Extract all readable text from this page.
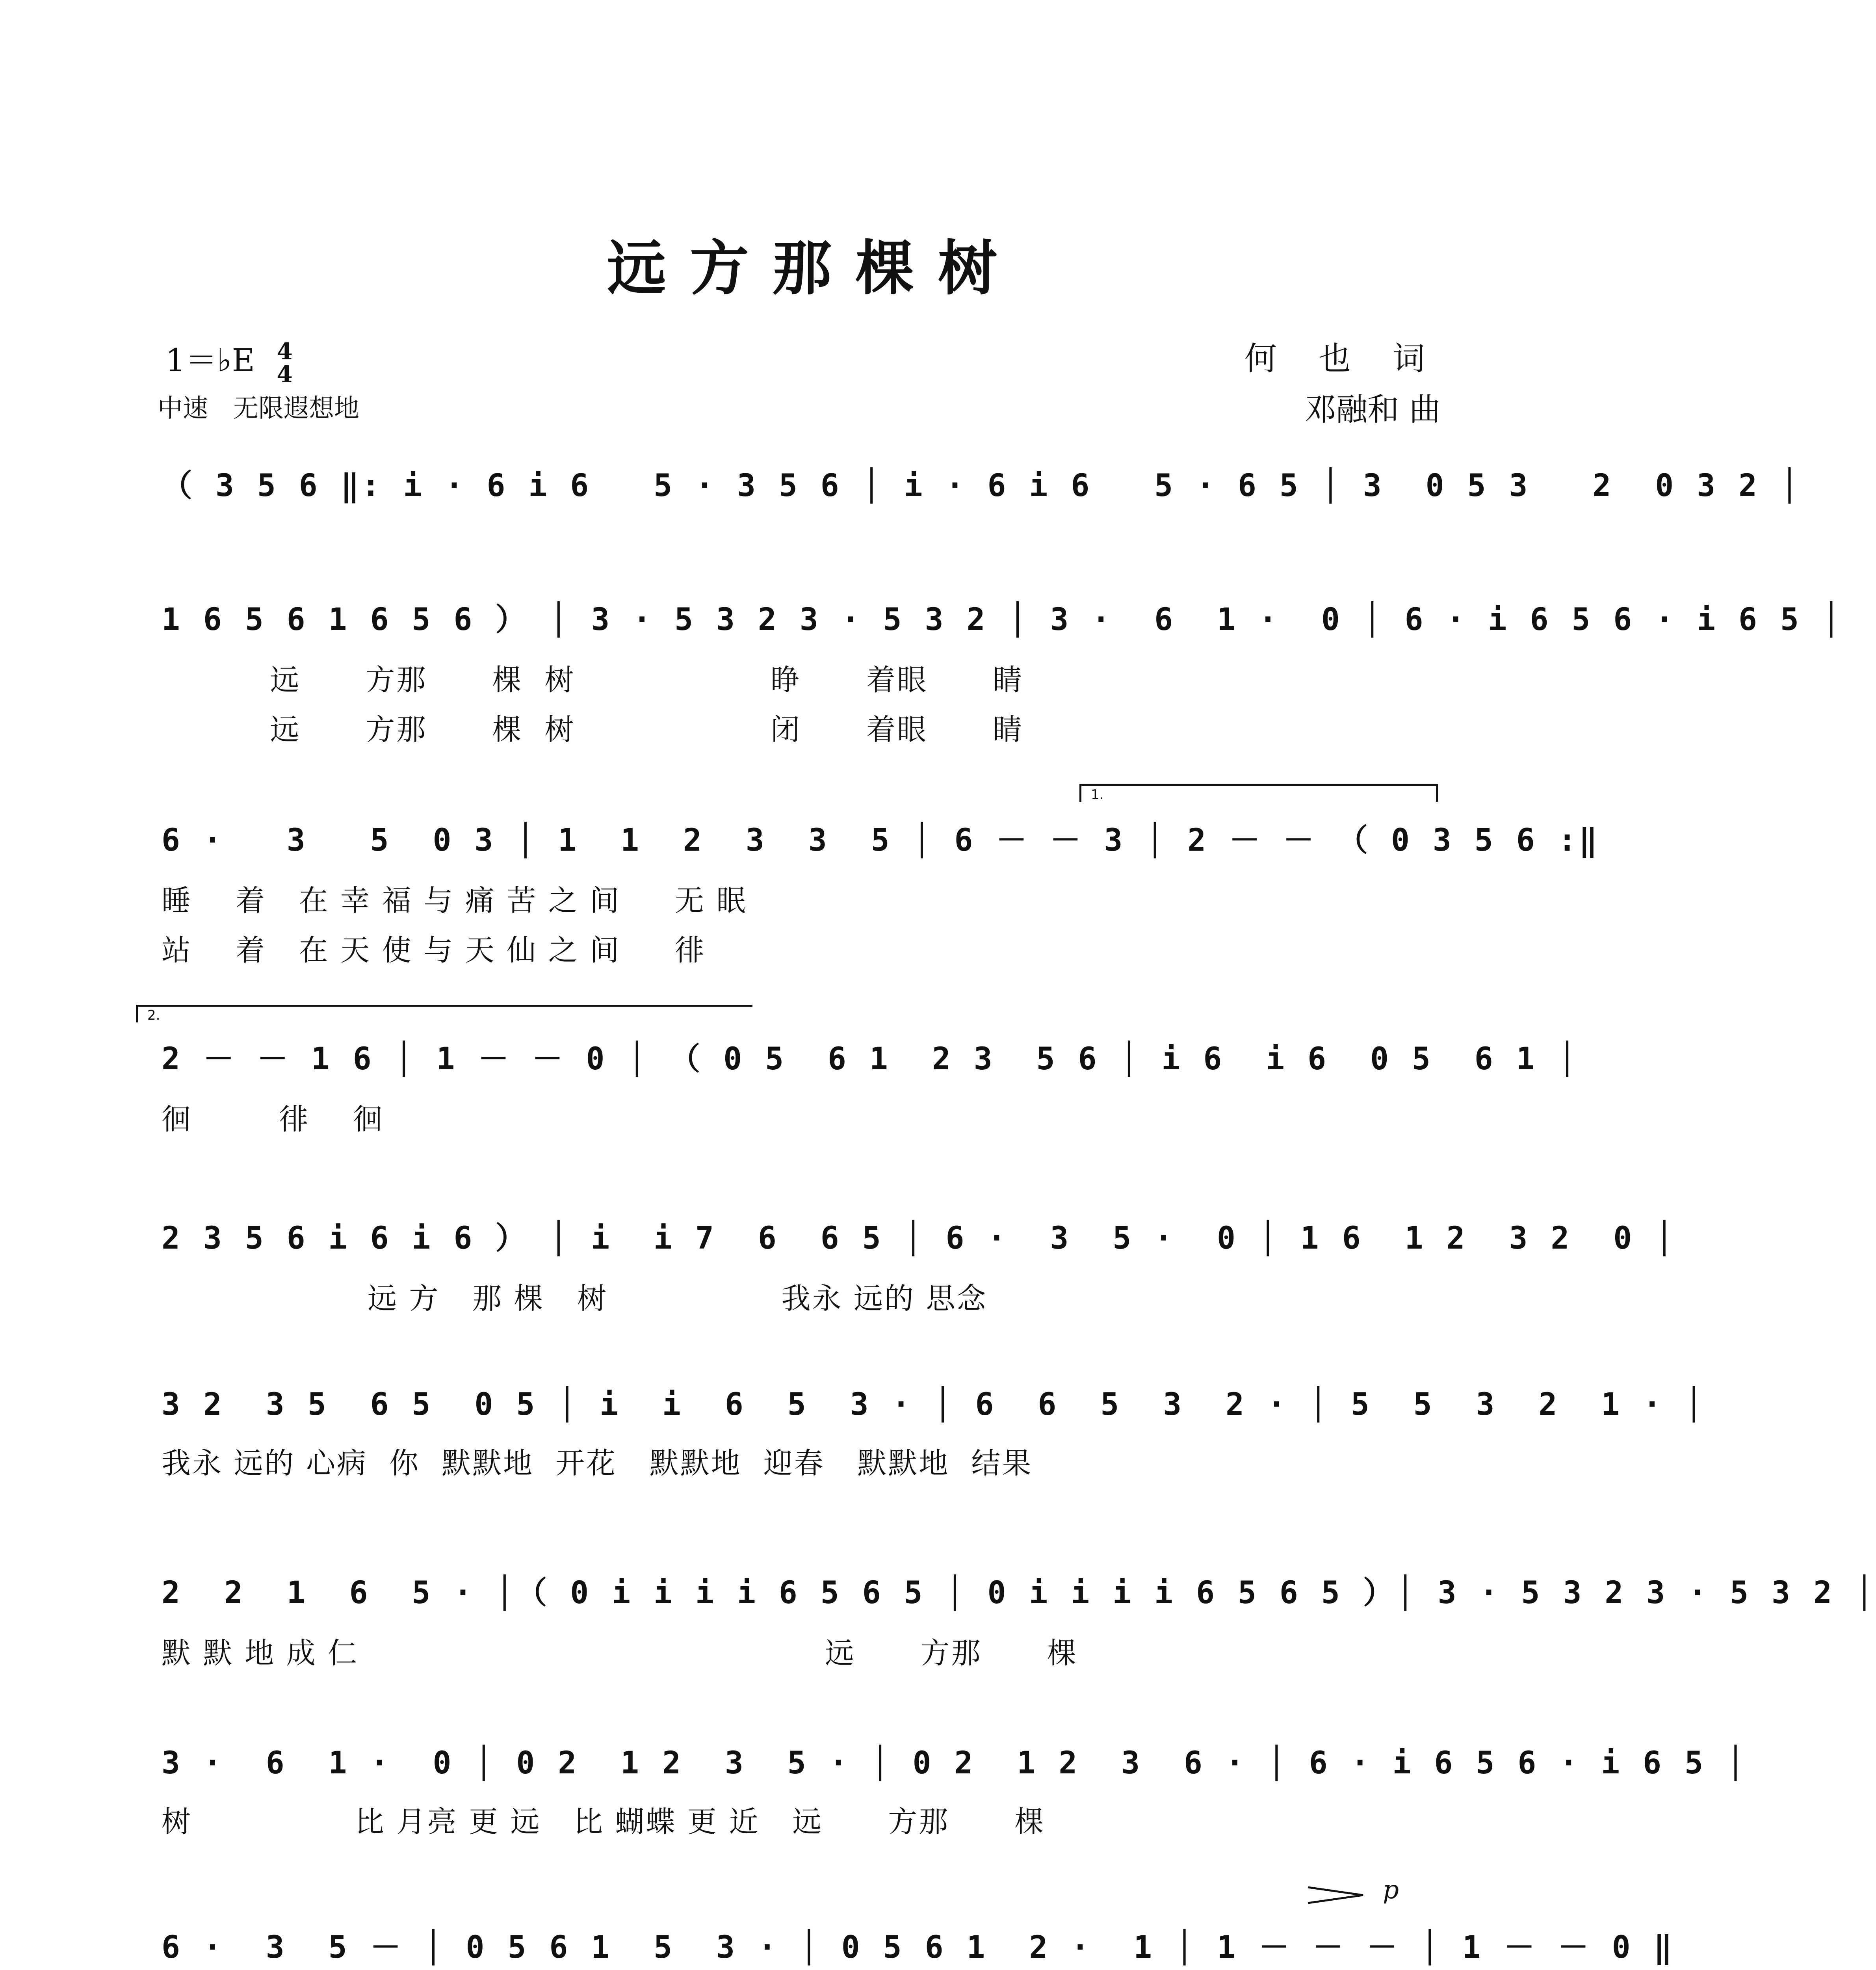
远方那棵树
1＝♭E 4
4
中速　无限遐想地
何 也 词
邓融和 曲
（ 3 5 6 ‖: i · 6 i 6   5 · 3 5 6 │ i · 6 i 6   5 · 6 5 │ 3  0 5 3   2  0 3 2 │
1 6 5 6 1 6 5 6 ） │ 3 · 5 3 2 3 · 5 3 2 │ 3 ·  6  1 ·  0 │ 6 · i 6 5 6 · i 6 5 │
远      方那      棵  树                  睁      着眼      睛
远      方那      棵  树                  闭      着眼      睛
1.
6 ·   3   5  0 3 │ 1  1  2  3  3  5 │ 6 － － 3 │ 2 － － （ 0 3 5 6 :‖
睡    着   在 幸 福 与 痛 苦 之 间     无 眠
站    着   在 天 使 与 天 仙 之 间     徘
2.
2 － － 1 6 │ 1 － － 0 │ （ 0 5  6 1  2 3  5 6 │ i 6  i 6  0 5  6 1 │
徊        徘    徊
2 3 5 6 i 6 i 6 ） │ i  i 7  6  6 5 │ 6 ·  3  5 ·  0 │ 1 6  1 2  3 2  0 │
远 方   那 棵   树                我永 远的 思念
3 2  3 5  6 5  0 5 │ i  i  6  5  3 · │ 6  6  5  3  2 · │ 5  5  3  2  1 · │
我永 远的 心病  你  默默地  开花   默默地  迎春   默默地  结果
2  2  1  6  5 · │（ 0 i i i i 6 5 6 5 │ 0 i i i i 6 5 6 5 ）│ 3 · 5 3 2 3 · 5 3 2 │
默 默 地 成 仁                                           远      方那      棵
3 ·  6  1 ·  0 │ 0 2  1 2  3  5 · │ 0 2  1 2  3  6 · │ 6 · i 6 5 6 · i 6 5 │
树               比 月亮 更 远   比 蝴蝶 更 近   远      方那      棵
p
6 ·  3  5 － │ 0 5 6 1  5  3 · │ 0 5 6 1  2 ·  1 │ 1 － － － │ 1 － － 0 ‖
